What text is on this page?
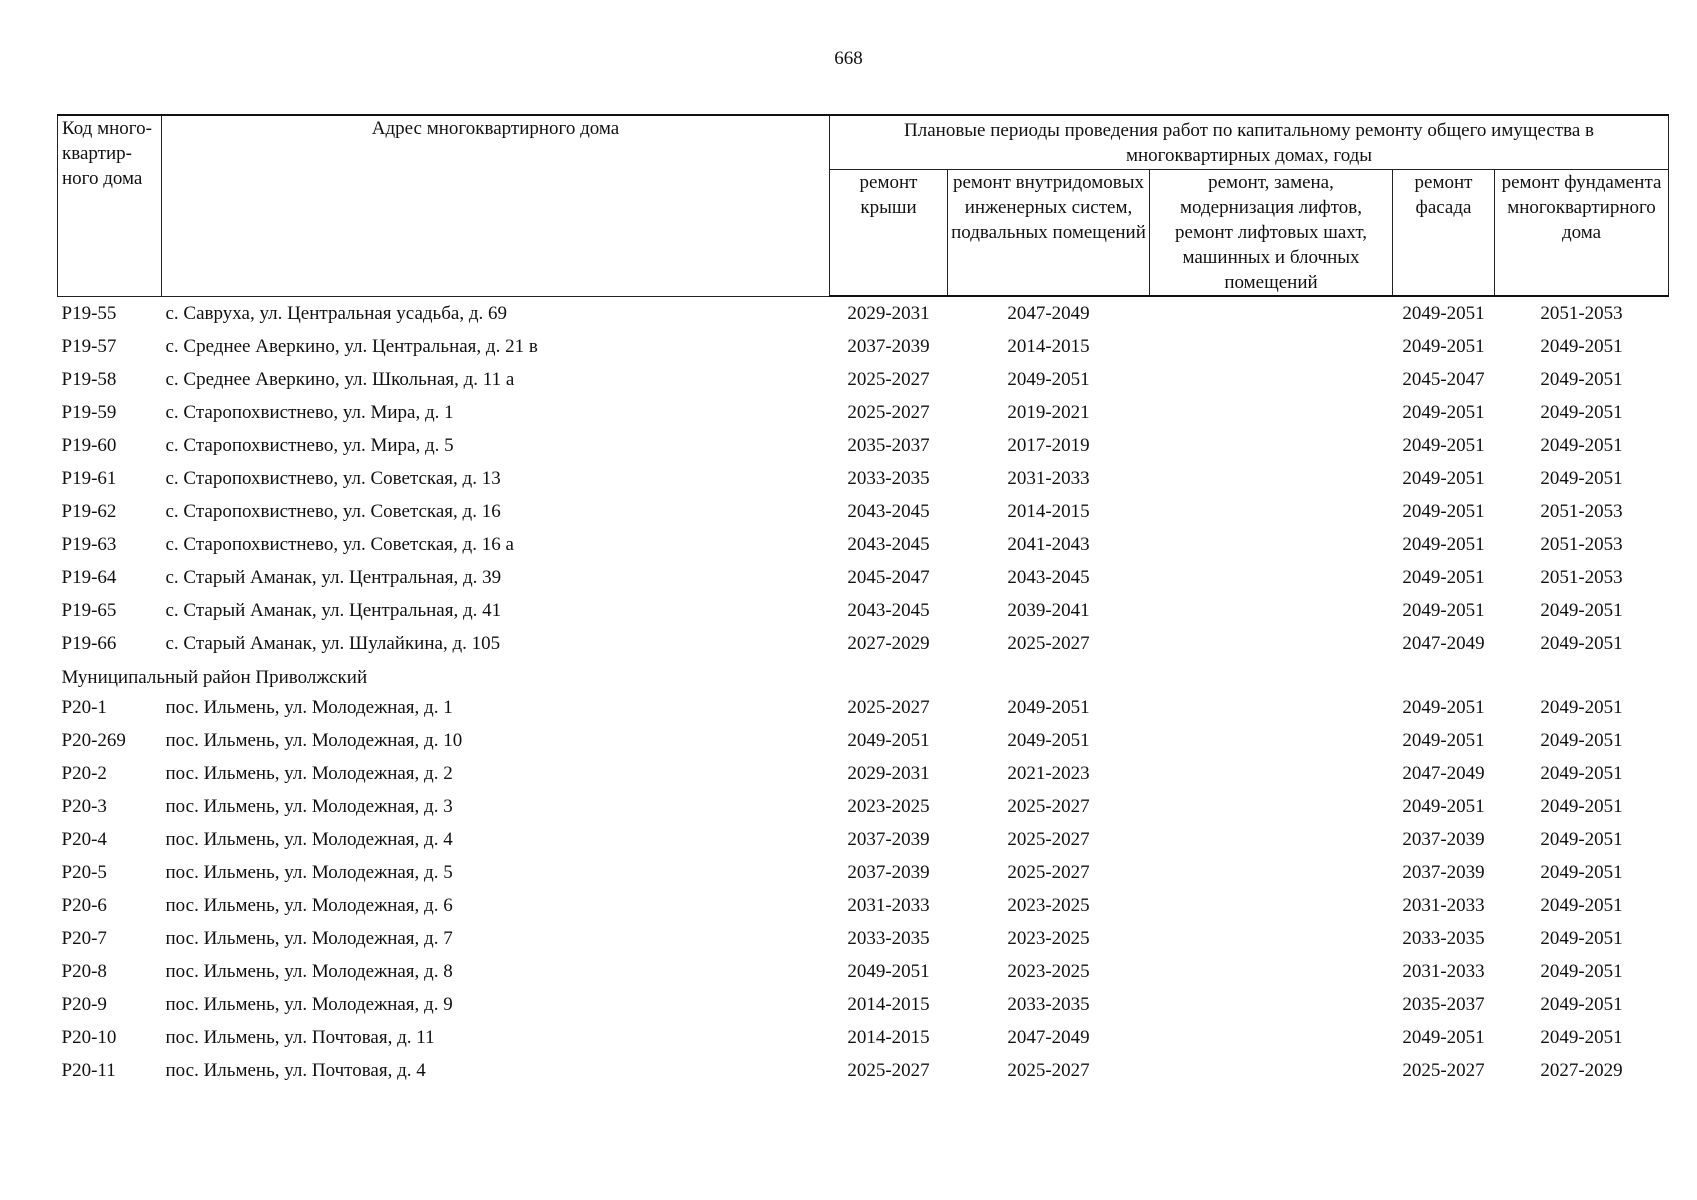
668
Код много-квартир-ного дома	Адрес многоквартирного дома	Плановые периоды проведения работ по капитальному ремонту общего имущества в многоквартирных домах, годы				
		ремонт крыши	ремонт внутридомовых инженерных систем, подвальных помещений	ремонт, замена, модернизация лифтов, ремонт лифтовых шахт, машинных и блочных помещений	ремонт фасада	ремонт фундамента многоквартирного дома
Р19-55	с. Савруха, ул. Центральная усадьба, д. 69	2029-2031	2047-2049		2049-2051	2051-2053
Р19-57	с. Среднее Аверкино, ул. Центральная, д. 21 в	2037-2039	2014-2015		2049-2051	2049-2051
Р19-58	с. Среднее Аверкино, ул. Школьная, д. 11 а	2025-2027	2049-2051		2045-2047	2049-2051
Р19-59	с. Старопохвистнево, ул. Мира, д. 1	2025-2027	2019-2021		2049-2051	2049-2051
Р19-60	с. Старопохвистнево, ул. Мира, д. 5	2035-2037	2017-2019		2049-2051	2049-2051
Р19-61	с. Старопохвистнево, ул. Советская, д. 13	2033-2035	2031-2033		2049-2051	2049-2051
Р19-62	с. Старопохвистнево, ул. Советская, д. 16	2043-2045	2014-2015		2049-2051	2051-2053
Р19-63	с. Старопохвистнево, ул. Советская, д. 16 а	2043-2045	2041-2043		2049-2051	2051-2053
Р19-64	с. Старый Аманак, ул. Центральная, д. 39	2045-2047	2043-2045		2049-2051	2051-2053
Р19-65	с. Старый Аманак, ул. Центральная, д. 41	2043-2045	2039-2041		2049-2051	2049-2051
Р19-66	с. Старый Аманак, ул. Шулайкина, д. 105	2027-2029	2025-2027		2047-2049	2049-2051
Муниципальный район Приволжский						
Р20-1	пос. Ильмень, ул. Молодежная, д. 1	2025-2027	2049-2051		2049-2051	2049-2051
Р20-269	пос. Ильмень, ул. Молодежная, д. 10	2049-2051	2049-2051		2049-2051	2049-2051
Р20-2	пос. Ильмень, ул. Молодежная, д. 2	2029-2031	2021-2023		2047-2049	2049-2051
Р20-3	пос. Ильмень, ул. Молодежная, д. 3	2023-2025	2025-2027		2049-2051	2049-2051
Р20-4	пос. Ильмень, ул. Молодежная, д. 4	2037-2039	2025-2027		2037-2039	2049-2051
Р20-5	пос. Ильмень, ул. Молодежная, д. 5	2037-2039	2025-2027		2037-2039	2049-2051
Р20-6	пос. Ильмень, ул. Молодежная, д. 6	2031-2033	2023-2025		2031-2033	2049-2051
Р20-7	пос. Ильмень, ул. Молодежная, д. 7	2033-2035	2023-2025		2033-2035	2049-2051
Р20-8	пос. Ильмень, ул. Молодежная, д. 8	2049-2051	2023-2025		2031-2033	2049-2051
Р20-9	пос. Ильмень, ул. Молодежная, д. 9	2014-2015	2033-2035		2035-2037	2049-2051
Р20-10	пос. Ильмень, ул. Почтовая, д. 11	2014-2015	2047-2049		2049-2051	2049-2051
Р20-11	пос. Ильмень, ул. Почтовая, д. 4	2025-2027	2025-2027		2025-2027	2027-2029
